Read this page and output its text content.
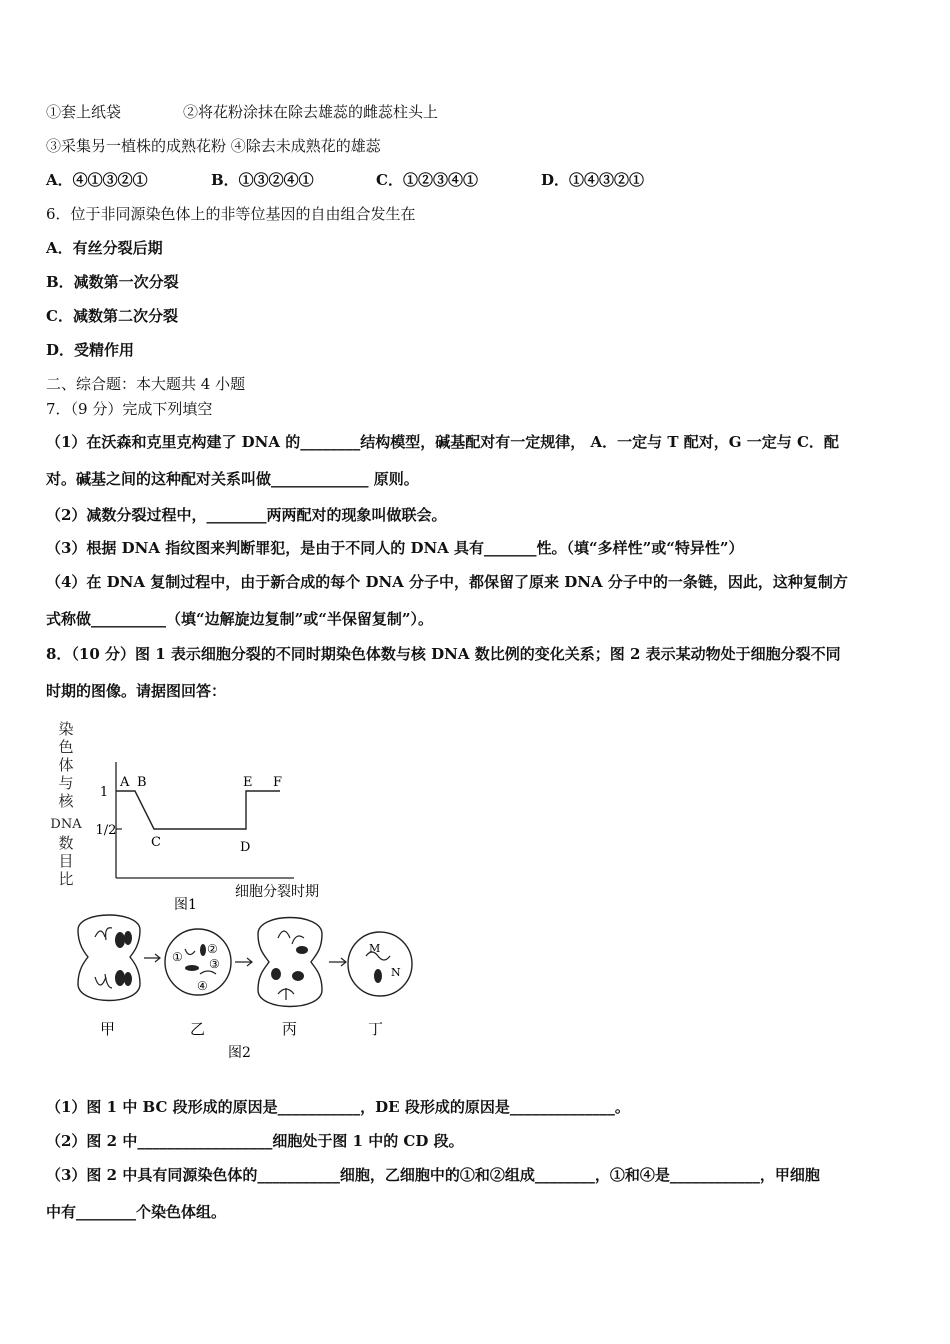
①套上纸袋	②将花粉涂抹在除去雄蕊的雌蕊柱头上
③采集另一植株的成熟花粉 ④除去未成熟花的雄蕊
A．④①③②①	B．①③②④①	C．①②③④①	D．①④③②①
6．位于非同源染色体上的非等位基因的自由组合发生在
A．有丝分裂后期
B．减数第一次分裂
C．减数第二次分裂
D．受精作用
二、综合题：本大题共 4 小题
7．（9 分）完成下列填空
（1）在沃森和克里克构建了 DNA 的________结构模型，碱基配对有一定规律， A．一定与 T 配对，G 一定与 C．配
对。碱基之间的这种配对关系叫做_____________ 原则。
（2）减数分裂过程中，________两两配对的现象叫做联会。
（3）根据 DNA 指纹图来判断罪犯，是由于不同人的 DNA 具有_______性。（填“多样性”或“特异性”）
（4）在 DNA 复制过程中，由于新合成的每个 DNA 分子中，都保留了原来 DNA 分子中的一条链，因此，这种复制方
式称做__________（填“边解旋边复制”或“半保留复制”）。
8．（10 分）图 1 表示细胞分裂的不同时期染色体数与核 DNA 数比例的变化关系；图 2 表示某动物处于细胞分裂不同
时期的图像。请据图回答：
染
色
体
与
核
DNA
数
目
比
1
1/2
A B
C	D
E F
细胞分裂时期
图1
①
②
③
④
M
N
甲	乙	丙	丁
图2
（1）图 1 中 BC 段形成的原因是___________，DE 段形成的原因是______________。
（2）图 2 中__________________细胞处于图 1 中的 CD 段。
（3）图 2 中具有同源染色体的___________细胞，乙细胞中的①和②组成________，①和④是____________，甲细胞
中有________个染色体组。
